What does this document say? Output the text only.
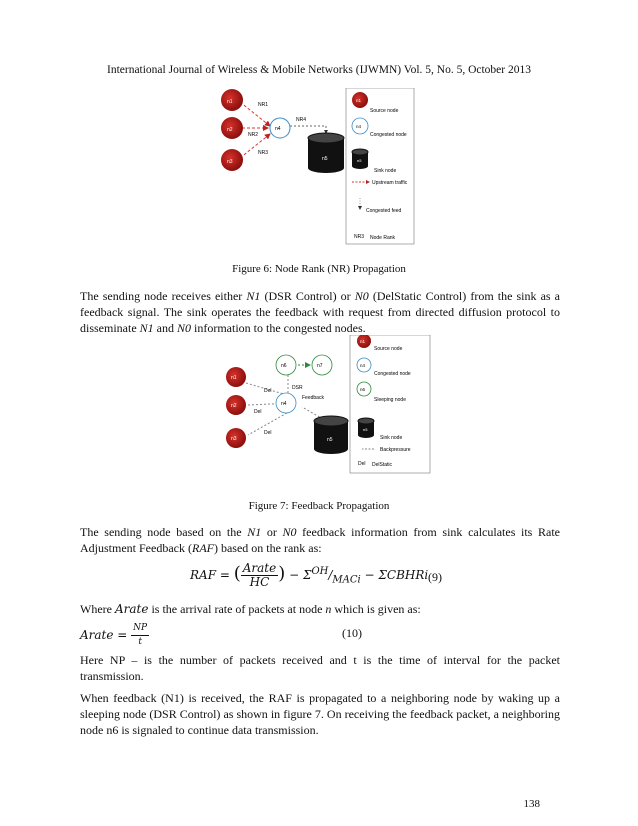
International Journal of Wireless & Mobile Networks (IJWMN) Vol. 5, No. 5, October 2013
n1
n2
n3
n4
n5
NR1
NR2
NR3
NR4
n1
Source node
n4
Congested node
n5
Sink node
Upstream traffic
Congested feed
NR3 Node Rank
Figure 6: Node Rank (NR) Propagation
The sending node receives either N1 (DSR Control) or N0 (DelStatic Control) from the sink as a feedback signal. The sink operates the feedback with request from directed diffusion protocol to disseminate N1 and N0 information to the congested nodes.
n6	n7
n1
n2
n3
n4
n5
Del
Del
Del
DSR
Feedback
n1
Source node
n4
Congested node
n6
Sleeping node
n5
Sink node
Backpressure
Del DelStatic
Figure 7: Feedback Propagation
The sending node based on the N1 or N0 feedback information from sink calculates its Rate Adjustment Feedback (RAF) based on the rank as:
RAF = ( $\frac{\text{Arate}}{HC}$ ) − $\Sigma^{OH}/_{MACi}$ − ΣCBHRi (9)
Where Arate is the arrival rate of packets at node n which is given as:
Arate = $\frac{NP}{t}$	(10)
Here NP – is the number of packets received and t is the time of interval for the packet transmission.
When feedback (N1) is received, the RAF is propagated to a neighboring node by waking up a sleeping node (DSR Control) as shown in figure 7. On receiving the feedback packet, a neighboring node n6 is signaled to continue data transmission.
138
